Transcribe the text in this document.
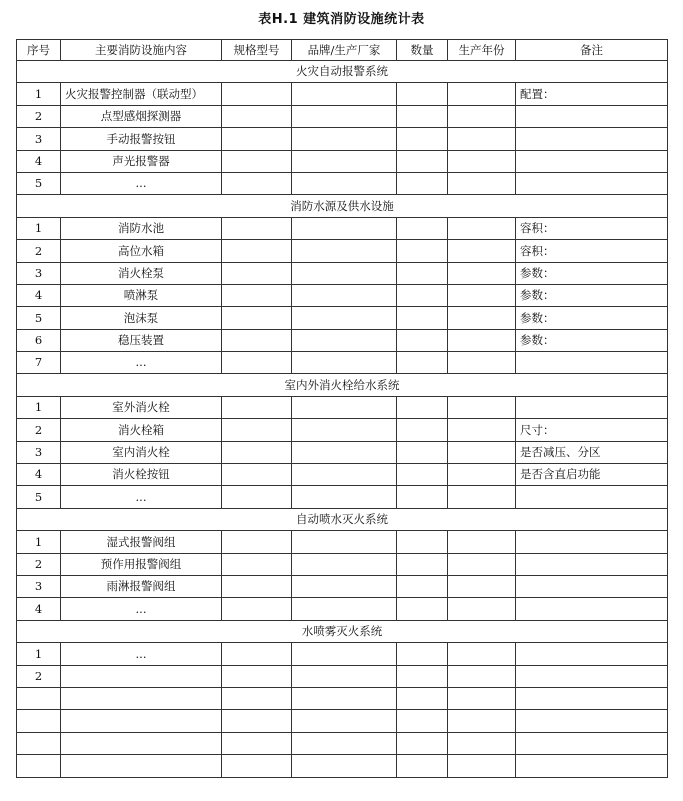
表H.1 建筑消防设施统计表
序号	主要消防设施内容	规格型号	品牌/生产厂家	数量	生产年份	备注
火灾自动报警系统						
1	火灾报警控制器（联动型）					配置：
2	点型感烟探测器					
3	手动报警按钮					
4	声光报警器					
5	...					
消防水源及供水设施						
1	消防水池					容积：
2	高位水箱					容积：
3	消火栓泵					参数：
4	喷淋泵					参数：
5	泡沫泵					参数：
6	稳压装置					参数：
7	...					
室内外消火栓给水系统						
1	室外消火栓					
2	消火栓箱					尺寸：
3	室内消火栓					是否减压、分区
4	消火栓按钮					是否含直启功能
5	...					
自动喷水灭火系统						
1	湿式报警阀组					
2	预作用报警阀组					
3	雨淋报警阀组					
4	...					
水喷雾灭火系统						
1	...					
2						
